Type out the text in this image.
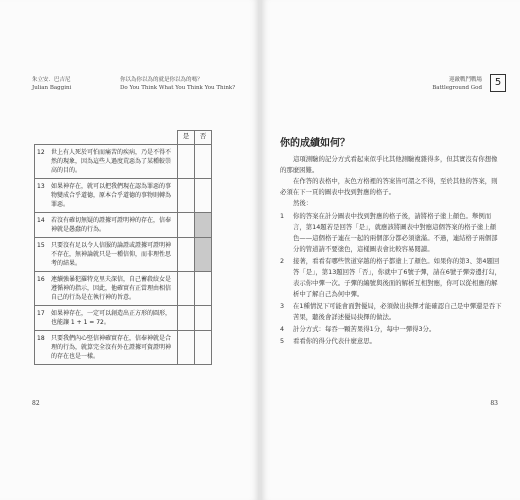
朱立安．巴吉尼
Julian Baggini
你以為你以為的就是你以為的嗎？
Do You Think What You Think You Think?
		是	否
12	世上有人死於可怕而痛苦的疾病，乃是不得不然的現象，因為這些人過度荒惡為了某種較崇高的目的。		
13	如果神存在，就可以把我們現在認為罪惡的事物變成合乎道德，原本合乎道德的事物則轉為罪惡。		
14	若沒有確切無疑的證據可證明神的存在，信奉神就是愚蠢的行為。		
15	只要沒有足以令人信服的論證或證據可證明神不存在，無神論就只是一種信仰，而非理性思考的結果。		
16	連續強暴犯羅特克里夫深信，自己蓄殺絞女是遵循神的指示，因此，他確實有正當理由相信自己的行為是在執行神的旨意。		
17	如果神存在，一定可以創造出正方形的圓形，也能讓 1 + 1 = 72。		
18	只要我們內心堅信神確實存在，信奉神就是合理的行為，就算完全沒有外在證據可資證明神的存在也是一樣。		
82
迎敵戰鬥戰場
Battleground God	5
你的成績如何？

這項測驗的記分方式看起來似乎比其他測驗複雜得多，但其實沒有你想像的那麼困難。

在作答的表格中，灰色方格裡的答案皆可謂之不得，至於其他的答案，則必須在下一頁的圖表中找到對應的格子。

然後：

1 你的答案在計分圖表中找到對應的格子後，請將格子塗上顏色。舉例而言，第14題若是回答「是」，就應該將圖表中對應這個答案的格子塗上顏色——這個格子連在一起的兩個部分都必須塗滿。不過，連結格子兩個部分的管道請不要塗色，這樣圖表會比較容易閱讀。
2 接著，看看有哪些管道穿越的格子都塗上了顏色。如果你的第3、第4題回答「是」，第13題回答「否」，你就中了6號子彈，請在6號子彈旁邊打勾，表示你中彈一次。子彈的編號與後面的解析互相對應，你可以從相應的解析中了解自己為何中彈。
3 在1種情況下可能會面對優局，必須做出抉擇才能確認自己是中彈還是吞下苦果，聽後會詳述優局抉擇的做法。
4 計分方式：每吞一顆苦果得1分，每中一彈得3分。
5 看看你的得分代表什麼意思。
83
